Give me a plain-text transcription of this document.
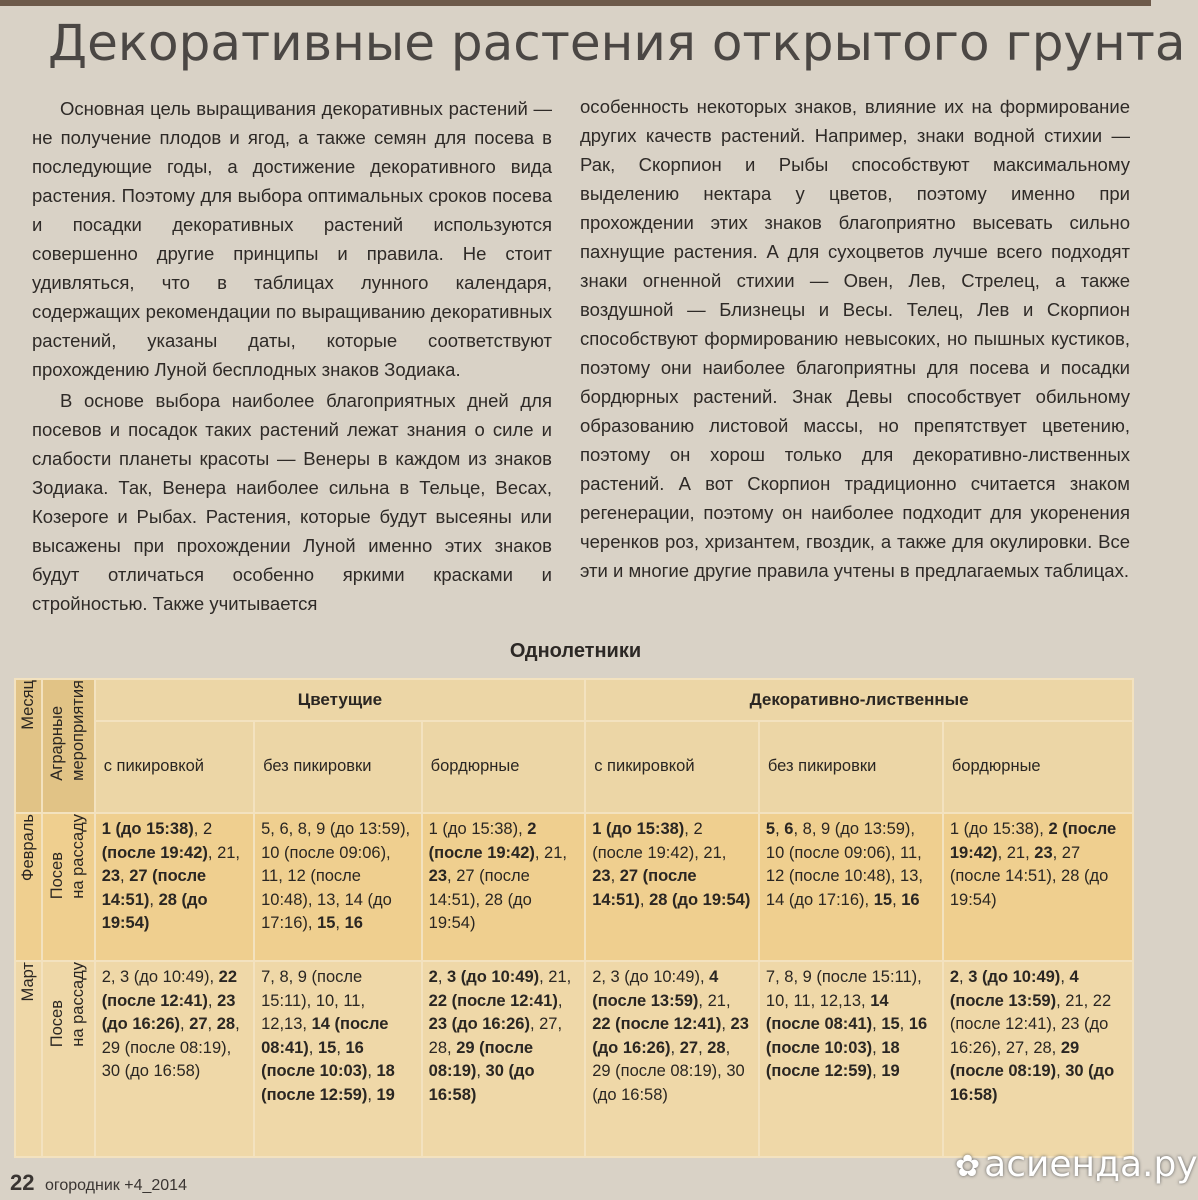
Декоративные растения открытого грунта

Основная цель выращивания декоративных растений — не получение плодов и ягод, а также семян для посева в последующие годы, а достижение декоративного вида растения. Поэтому для выбора оптимальных сроков посева и посадки декоративных растений используются совершенно другие принципы и правила. Не стоит удивляться, что в таблицах лунного календаря, содержащих рекомендации по выращиванию декоративных растений, указаны даты, которые соответствуют прохождению Луной бесплодных знаков Зодиака.

В основе выбора наиболее благоприятных дней для посевов и посадок таких растений лежат знания о силе и слабости планеты красоты — Венеры в каждом из знаков Зодиака. Так, Венера наиболее сильна в Тельце, Весах, Козероге и Рыбах. Растения, которые будут высеяны или высажены при прохождении Луной именно этих знаков будут отличаться особенно яркими красками и стройностью. Также учитывается

особенность некоторых знаков, влияние их на формирование других качеств растений. Например, знаки водной стихии — Рак, Скорпион и Рыбы способствуют максимальному выделению нектара у цветов, поэтому именно при прохождении этих знаков благоприятно высевать сильно пахнущие растения. А для сухоцветов лучше всего подходят знаки огненной стихии — Овен, Лев, Стрелец, а также воздушной — Близнецы и Весы. Телец, Лев и Скорпион способствуют формированию невысоких, но пышных кустиков, поэтому они наиболее благоприятны для посева и посадки бордюрных растений. Знак Девы способствует обильному образованию листовой массы, но препятствует цветению, поэтому он хорош только для декоративно-лиственных растений. А вот Скорпион традиционно считается знаком регенерации, поэтому он наиболее подходит для укоренения черенков роз, хризантем, гвоздик, а также для окулировки. Все эти и многие другие правила учтены в предлагаемых таблицах.

Однолетники
Месяц	Аграрные мероприятия	Цветущие			Декоративно-лиственные		
		с пикировкой	без пикировки	бордюрные	с пикировкой	без пикировки	бордюрные

Февраль	Посев на рассаду	1 (до 15:38), 2 (после 19:42), 21, 23, 27 (после 14:51), 28 (до 19:54)	5, 6, 8, 9 (до 13:59), 10 (после 09:06), 11, 12 (после 10:48), 13, 14 (до 17:16), 15, 16	1 (до 15:38), 2 (после 19:42), 21, 23, 27 (после 14:51), 28 (до 19:54)	1 (до 15:38), 2 (после 19:42), 21, 23, 27 (после 14:51), 28 (до 19:54)	5, 6, 8, 9 (до 13:59), 10 (после 09:06), 11, 12 (после 10:48), 13, 14 (до 17:16), 15, 16	1 (до 15:38), 2 (после 19:42), 21, 23, 27 (после 14:51), 28 (до 19:54)

Март	Посев на рассаду	2, 3 (до 10:49), 22 (после 12:41), 23 (до 16:26), 27, 28, 29 (после 08:19), 30 (до 16:58)	7, 8, 9 (после 15:11), 10, 11, 12,13, 14 (после 08:41), 15, 16 (после 10:03), 18 (после 12:59), 19	2, 3 (до 10:49), 21, 22 (после 12:41), 23 (до 16:26), 27, 28, 29 (после 08:19), 30 (до 16:58)	2, 3 (до 10:49), 4 (после 13:59), 21, 22 (после 12:41), 23 (до 16:26), 27, 28, 29 (после 08:19), 30 (до 16:58)	7, 8, 9 (после 15:11), 10, 11, 12,13, 14 (после 08:41), 15, 16 (после 10:03), 18 (после 12:59), 19	2, 3 (до 10:49), 4 (после 13:59), 21, 22 (после 12:41), 23 (до 16:26), 27, 28, 29 (после 08:19), 30 (до 16:58)
22 огородник +4_2014
✿ асиенда.ру
